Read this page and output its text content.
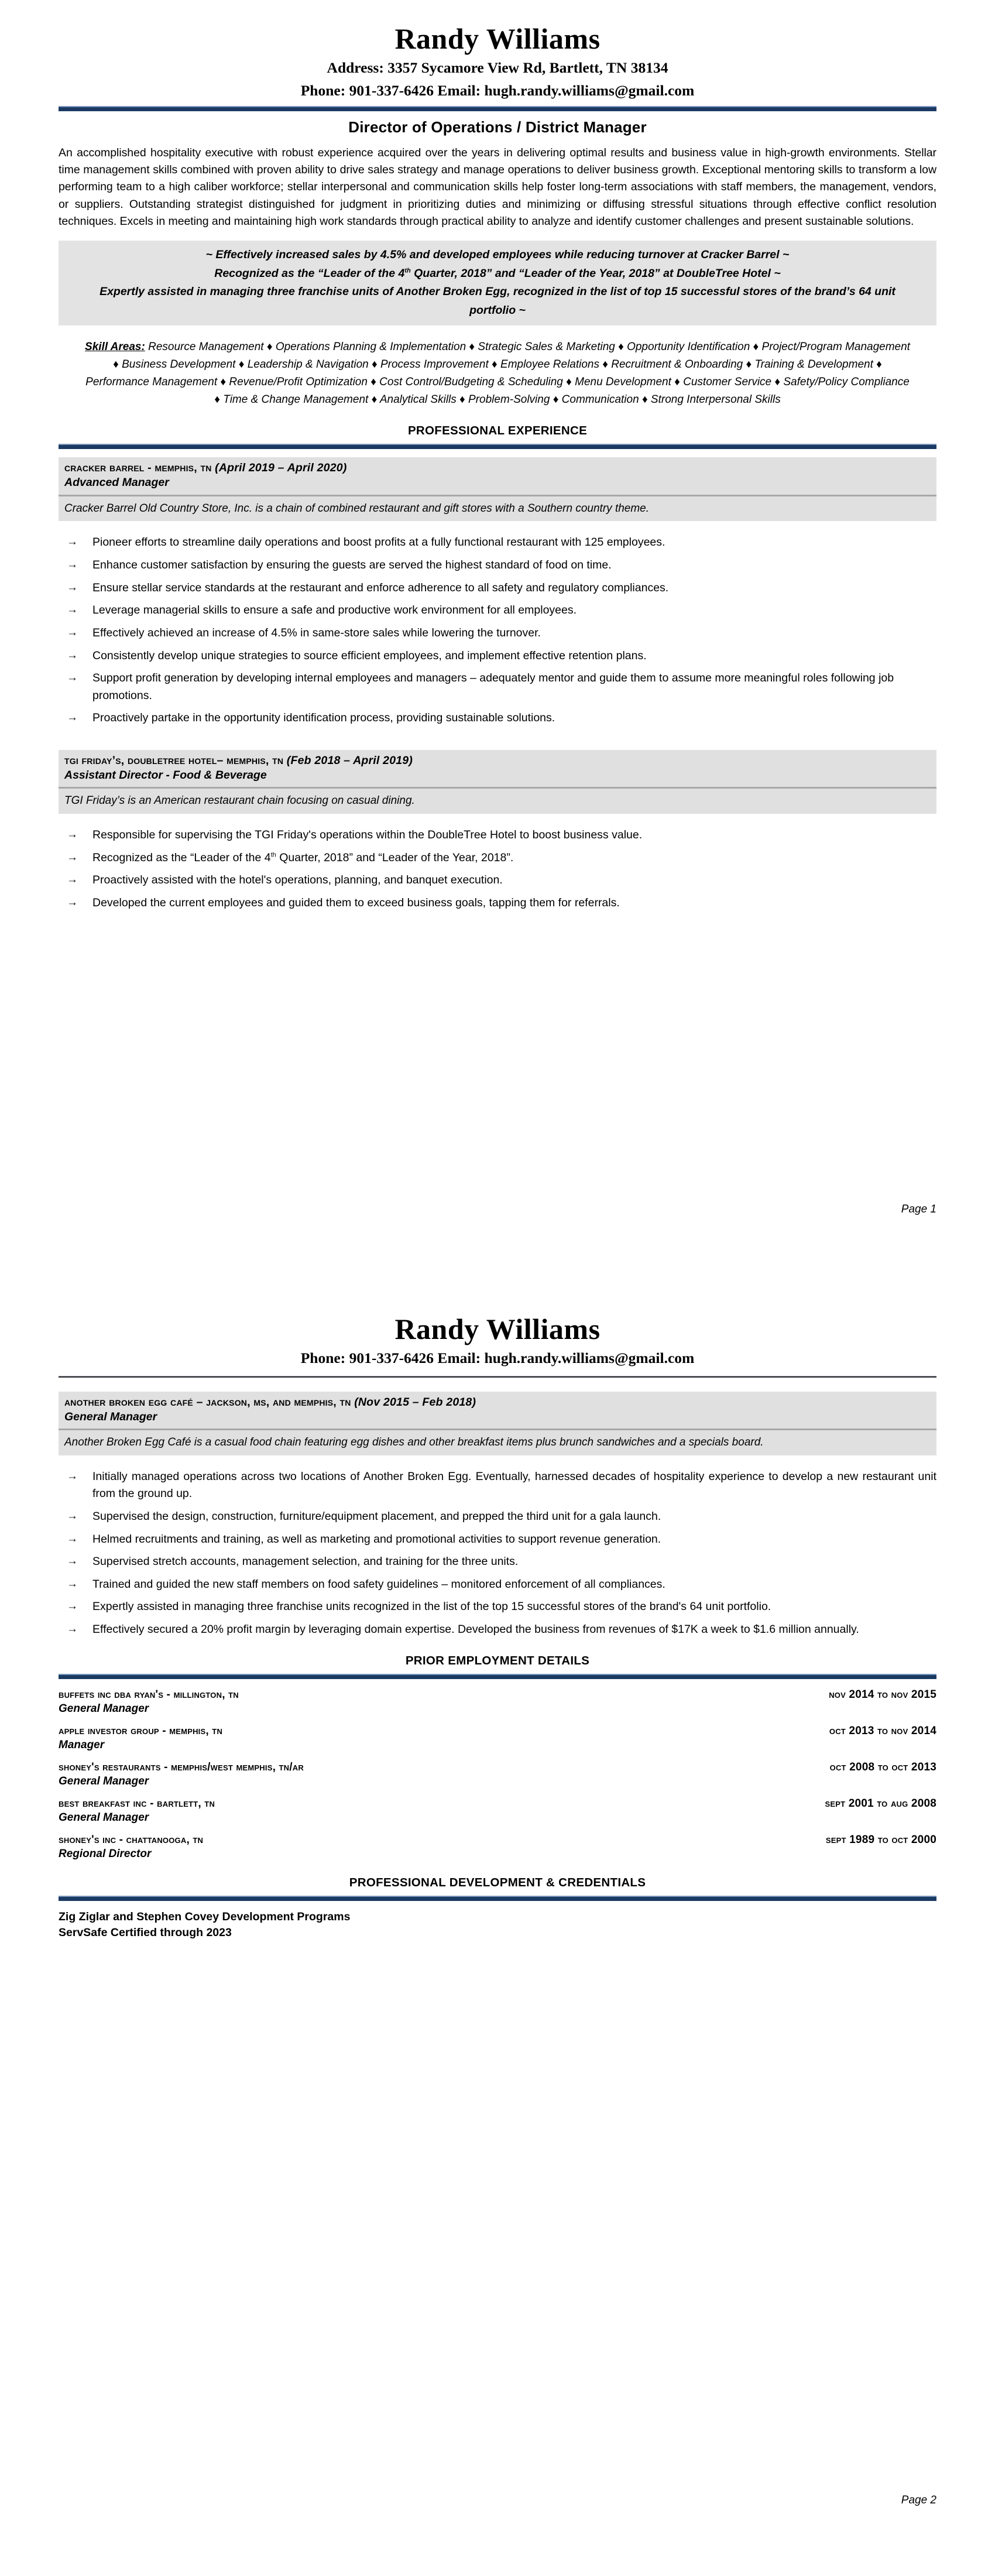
Randy Williams
Address: 3357 Sycamore View Rd, Bartlett, TN 38134
Phone: 901-337-6426 Email: hugh.randy.williams@gmail.com
Director of Operations / District Manager
An accomplished hospitality executive with robust experience acquired over the years in delivering optimal results and business value in high-growth environments. Stellar time management skills combined with proven ability to drive sales strategy and manage operations to deliver business growth. Exceptional mentoring skills to transform a low performing team to a high caliber workforce; stellar interpersonal and communication skills help foster long-term associations with staff members, the management, vendors, or suppliers. Outstanding strategist distinguished for judgment in prioritizing duties and minimizing or diffusing stressful situations through effective conflict resolution techniques. Excels in meeting and maintaining high work standards through practical ability to analyze and identify customer challenges and present sustainable solutions.
~ Effectively increased sales by 4.5% and developed employees while reducing turnover at Cracker Barrel ~
Recognized as the “Leader of the 4th Quarter, 2018” and “Leader of the Year, 2018” at DoubleTree Hotel ~
Expertly assisted in managing three franchise units of Another Broken Egg, recognized in the list of top 15 successful stores of the brand’s 64 unit portfolio ~
Skill Areas: Resource Management ♦ Operations Planning & Implementation ♦ Strategic Sales & Marketing ♦ Opportunity Identification ♦ Project/Program Management ♦ Business Development ♦ Leadership & Navigation ♦ Process Improvement ♦ Employee Relations ♦ Recruitment & Onboarding ♦ Training & Development ♦ Performance Management ♦ Revenue/Profit Optimization ♦ Cost Control/Budgeting & Scheduling ♦ Menu Development ♦ Customer Service ♦ Safety/Policy Compliance ♦ Time & Change Management ♦ Analytical Skills ♦ Problem-Solving ♦ Communication ♦ Strong Interpersonal Skills
PROFESSIONAL EXPERIENCE
cracker barrel - memphis, tn (April 2019 – April 2020)
Advanced Manager
Cracker Barrel Old Country Store, Inc. is a chain of combined restaurant and gift stores with a Southern country theme.
→ Pioneer efforts to streamline daily operations and boost profits at a fully functional restaurant with 125 employees.
→ Enhance customer satisfaction by ensuring the guests are served the highest standard of food on time.
→ Ensure stellar service standards at the restaurant and enforce adherence to all safety and regulatory compliances.
→ Leverage managerial skills to ensure a safe and productive work environment for all employees.
→ Effectively achieved an increase of 4.5% in same-store sales while lowering the turnover.
→ Consistently develop unique strategies to source efficient employees, and implement effective retention plans.
→ Support profit generation by developing internal employees and managers – adequately mentor and guide them to assume more meaningful roles following job promotions.
→ Proactively partake in the opportunity identification process, providing sustainable solutions.
tgi friday’s, doubletree hotel– memphis, tn (Feb 2018 – April 2019)
Assistant Director - Food & Beverage
TGI Friday’s is an American restaurant chain focusing on casual dining.
→ Responsible for supervising the TGI Friday's operations within the DoubleTree Hotel to boost business value.
→ Recognized as the “Leader of the 4th Quarter, 2018” and “Leader of the Year, 2018”.
→ Proactively assisted with the hotel's operations, planning, and banquet execution.
→ Developed the current employees and guided them to exceed business goals, tapping them for referrals.
Page 1
Randy Williams
Phone: 901-337-6426 Email: hugh.randy.williams@gmail.com
another broken egg café – jackson, ms, and memphis, tn (Nov 2015 – Feb 2018)
General Manager
Another Broken Egg Café is a casual food chain featuring egg dishes and other breakfast items plus brunch sandwiches and a specials board.
→ Initially managed operations across two locations of Another Broken Egg. Eventually, harnessed decades of hospitality experience to develop a new restaurant unit from the ground up.
→ Supervised the design, construction, furniture/equipment placement, and prepped the third unit for a gala launch.
→ Helmed recruitments and training, as well as marketing and promotional activities to support revenue generation.
→ Supervised stretch accounts, management selection, and training for the three units.
→ Trained and guided the new staff members on food safety guidelines – monitored enforcement of all compliances.
→ Expertly assisted in managing three franchise units recognized in the list of the top 15 successful stores of the brand's 64 unit portfolio.
→ Effectively secured a 20% profit margin by leveraging domain expertise. Developed the business from revenues of $17K a week to $1.6 million annually.
PRIOR EMPLOYMENT DETAILS
buffets inc dba ryan's - millington, tn	nov 2014 to nov 2015
General Manager
apple investor group - memphis, tn	oct 2013 to nov 2014
Manager
shoney's restaurants - memphis/west memphis, tn/ar	oct 2008 to oct 2013
General Manager
best breakfast inc - bartlett, tn	sept 2001 to aug 2008
General Manager
shoney's inc - chattanooga, tn	sept 1989 to oct 2000
Regional Director
PROFESSIONAL DEVELOPMENT & CREDENTIALS
Zig Ziglar and Stephen Covey Development Programs
ServSafe Certified through 2023
Page 2
